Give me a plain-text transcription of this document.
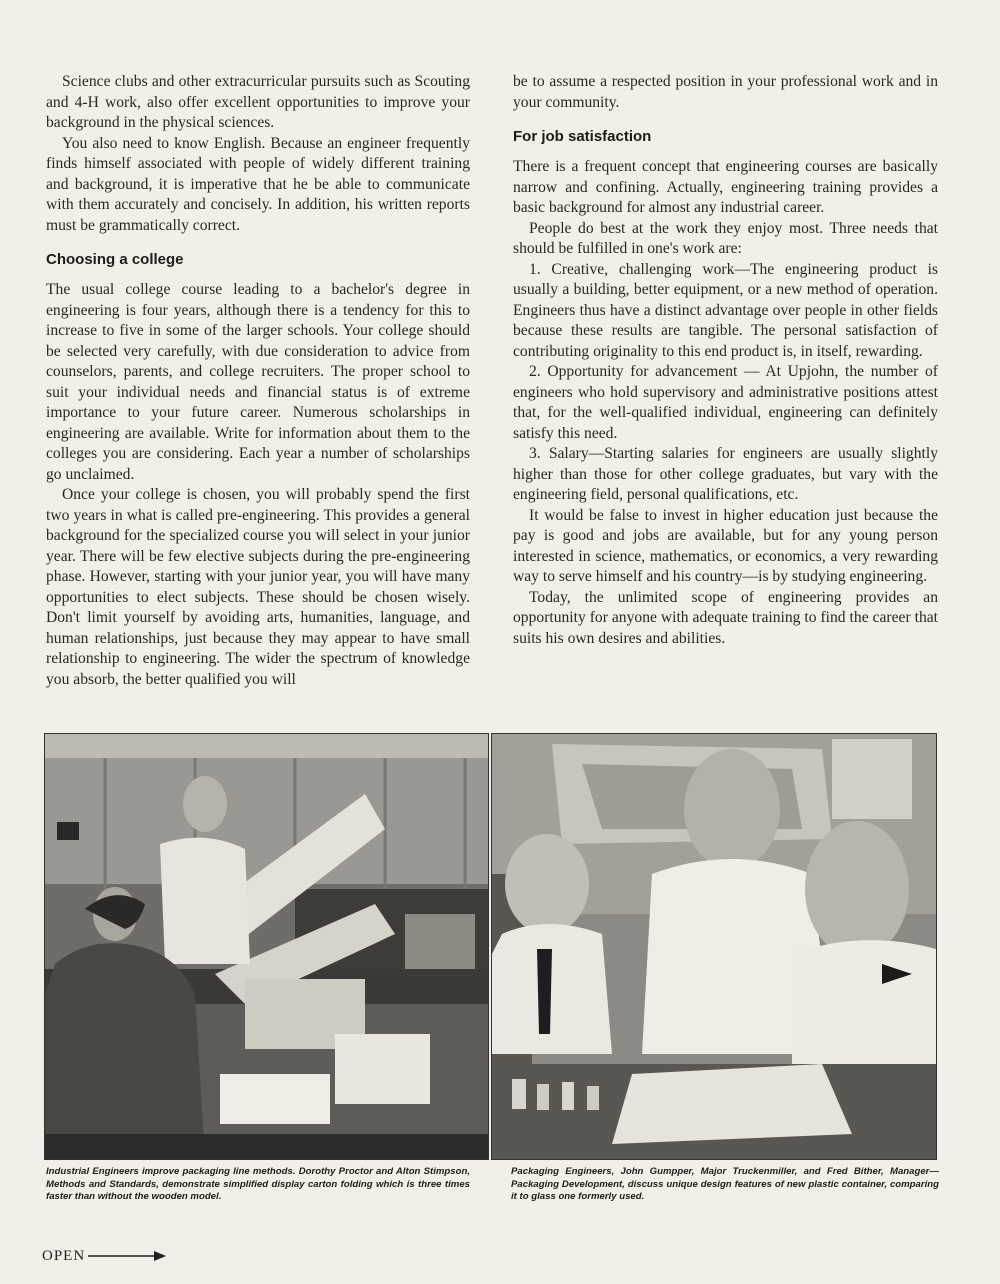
Science clubs and other extracurricular pursuits such as Scouting and 4-H work, also offer excellent opportunities to improve your background in the physical sciences.

You also need to know English. Because an engineer frequently finds himself associated with people of widely different training and background, it is imperative that he be able to communicate with them accurately and concisely. In addition, his written reports must be grammatically correct.

Choosing a college

The usual college course leading to a bachelor's degree in engineering is four years, although there is a tendency for this to increase to five in some of the larger schools. Your college should be selected very carefully, with due consideration to advice from counselors, parents, and college recruiters. The proper school to suit your individual needs and financial status is of extreme importance to your future career. Numerous scholarships in engineering are available. Write for information about them to the colleges you are considering. Each year a number of scholarships go unclaimed.

Once your college is chosen, you will probably spend the first two years in what is called pre-engineering. This provides a general background for the specialized course you will select in your junior year. There will be few elective subjects during the pre-engineering phase. However, starting with your junior year, you will have many opportunities to elect subjects. These should be chosen wisely. Don't limit yourself by avoiding arts, humanities, language, and human relationships, just because they may appear to have small relationship to engineering. The wider the spectrum of knowledge you absorb, the better qualified you will

be to assume a respected position in your professional work and in your community.

For job satisfaction

There is a frequent concept that engineering courses are basically narrow and confining. Actually, engineering training provides a basic background for almost any industrial career.

People do best at the work they enjoy most. Three needs that should be fulfilled in one's work are:

1. Creative, challenging work—The engineering product is usually a building, better equipment, or a new method of operation. Engineers thus have a distinct advantage over people in other fields because these results are tangible. The personal satisfaction of contributing originality to this end product is, in itself, rewarding.

2. Opportunity for advancement — At Upjohn, the number of engineers who hold supervisory and administrative positions attest that, for the well-qualified individual, engineering can definitely satisfy this need.

3. Salary—Starting salaries for engineers are usually slightly higher than those for other college graduates, but vary with the engineering field, personal qualifications, etc.

It would be false to invest in higher education just because the pay is good and jobs are available, but for any young person interested in science, mathematics, or economics, a very rewarding way to serve himself and his country—is by studying engineering.

Today, the unlimited scope of engineering provides an opportunity for anyone with adequate training to find the career that suits his own desires and abilities.

Industrial Engineers improve packaging line methods. Dorothy Proctor and Alton Stimpson, Methods and Standards, demonstrate simplified display carton folding which is three times faster than without the wooden model.
Packaging Engineers, John Gumpper, Major Truckenmiller, and Fred Bither, Manager—Packaging Development, discuss unique design features of new plastic container, comparing it to glass one formerly used.
OPEN
